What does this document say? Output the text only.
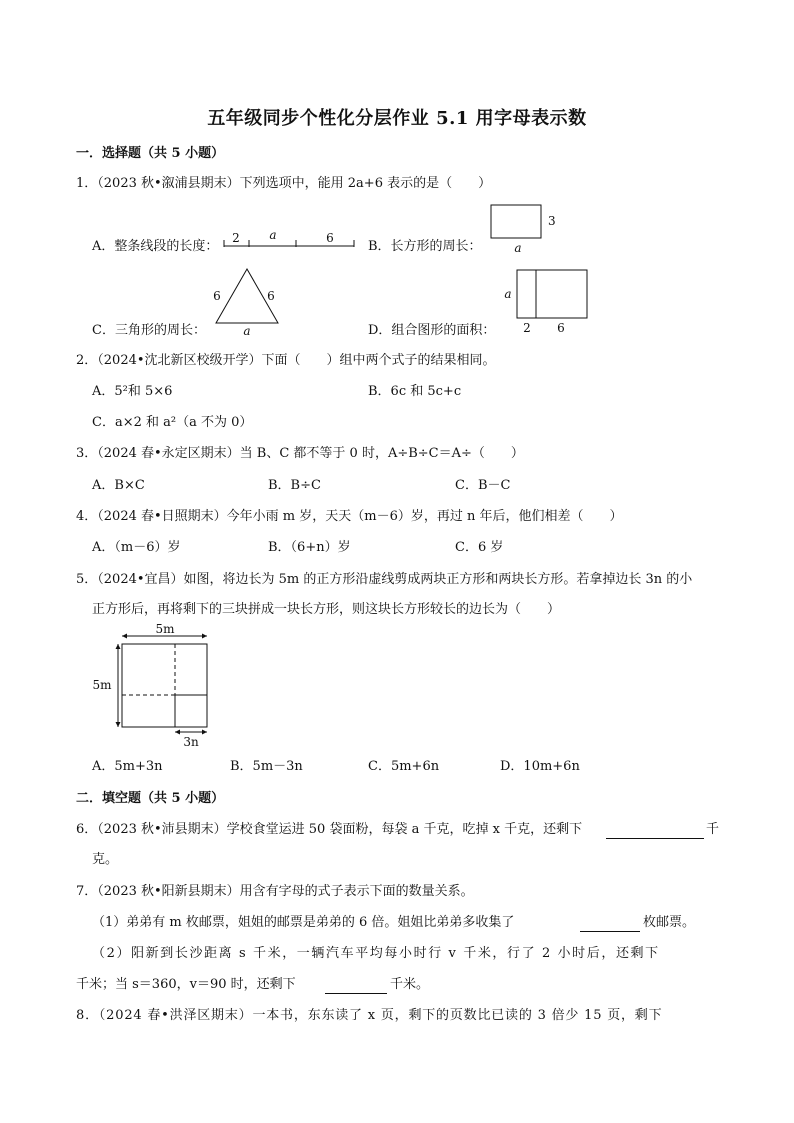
五年级同步个性化分层作业 5.1 用字母表示数
一．选择题（共 5 小题）
1．（2023 秋•溆浦县期末）下列选项中，能用 2a+6 表示的是（　　）
A．整条线段的长度：
2 a	6
B．长方形的周长：
3
a
6	6
a
C．三角形的周长：	D．组合图形的面积：
a
2 6
2．（2024•沈北新区校级开学）下面（　　）组中两个式子的结果相同。
A．5²和 5×6	B．6c 和 5c+c
C．a×2 和 a²（a 不为 0）
3．（2024 春•永定区期末）当 B、C 都不等于 0 时，A÷B÷C＝A÷（　　）
A．B×C	B．B÷C	C．B－C
4．（2024 春•日照期末）今年小雨 m 岁，天天（m－6）岁，再过 n 年后，他们相差（　　）
A．（m－6）岁	B．（6+n）岁	C．6 岁
5．（2024•宜昌）如图，将边长为 5m 的正方形沿虚线剪成两块正方形和两块长方形。若拿掉边长 3n 的小
正方形后，再将剩下的三块拼成一块长方形，则这块长方形较长的边长为（　　）
5m
5m
3n
A．5m+3n	B．5m－3n	C．5m+6n	D．10m+6n
二．填空题（共 5 小题）
6．（2023 秋•沛县期末）学校食堂运进 50 袋面粉，每袋 a 千克，吃掉 x 千克，还剩下	千
克。
7．（2023 秋•阳新县期末）用含有字母的式子表示下面的数量关系。
（1）弟弟有 m 枚邮票，姐姐的邮票是弟弟的 6 倍。姐姐比弟弟多收集了	枚邮票。
（2）阳新到长沙距离 s 千米，一辆汽车平均每小时行 v 千米，行了 2 小时后，还剩下
千米；当 s＝360，v＝90 时，还剩下	千米。
8．（2024 春•洪泽区期末）一本书，东东读了 x 页，剩下的页数比已读的 3 倍少 15 页，剩下
